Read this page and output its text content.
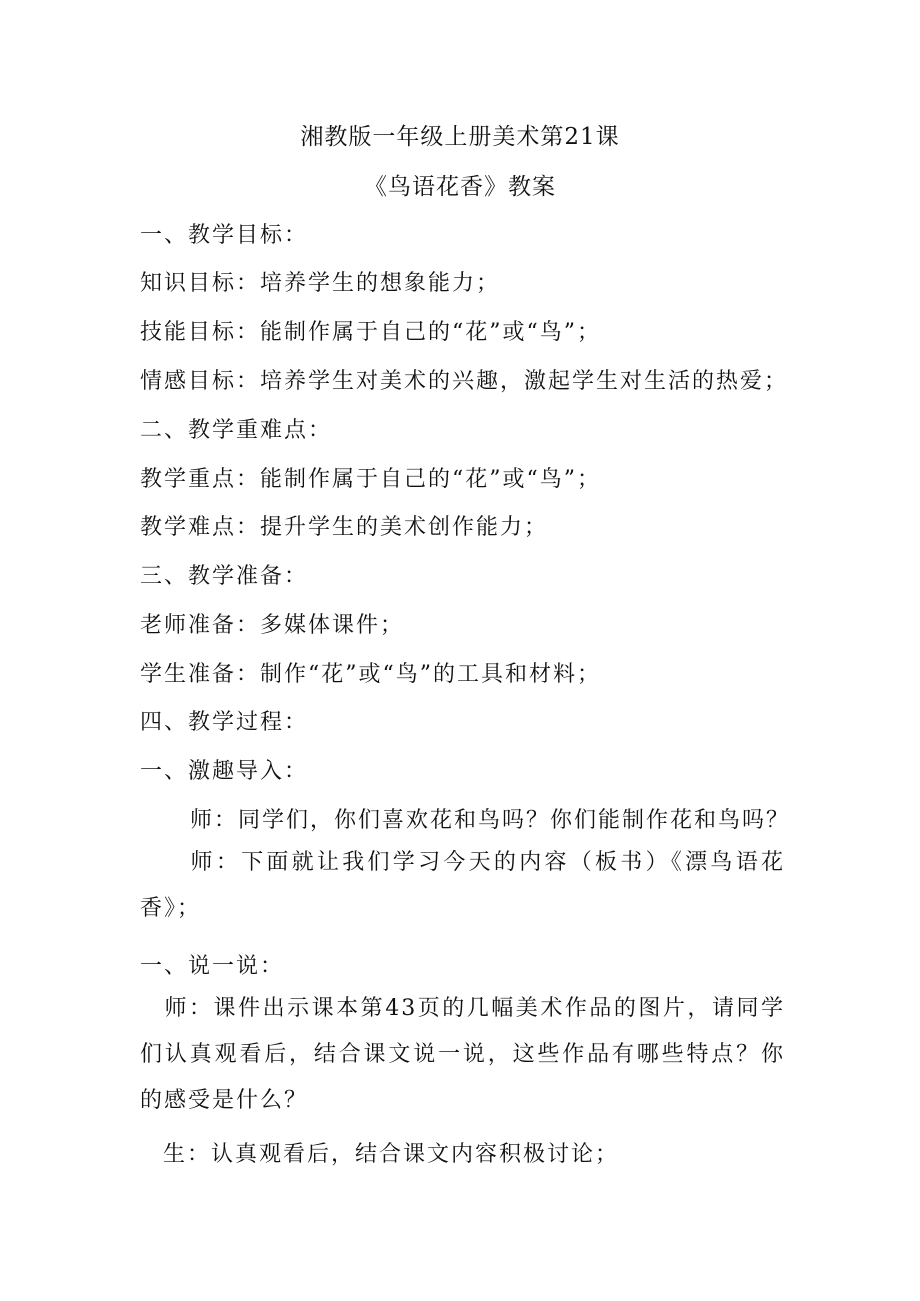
湘教版一年级上册美术第21课
《鸟语花香》教案
一、教学目标：
知识目标：培养学生的想象能力；
技能目标：能制作属于自己的“花”或“鸟”；
情感目标：培养学生对美术的兴趣，激起学生对生活的热爱；
二、教学重难点：
教学重点：能制作属于自己的“花”或“鸟”；
教学难点：提升学生的美术创作能力；
三、教学准备：
老师准备：多媒体课件；
学生准备：制作“花”或“鸟”的工具和材料；
四、教学过程：
一、激趣导入：
师：同学们，你们喜欢花和鸟吗？你们能制作花和鸟吗？
　　师：下面就让我们学习今天的内容（板书）《漂鸟语花香》；
一、说一说：
　师：课件出示课本第43页的几幅美术作品的图片，请同学们认真观看后，结合课文说一说，这些作品有哪些特点？你的感受是什么？
生：认真观看后，结合课文内容积极讨论；
